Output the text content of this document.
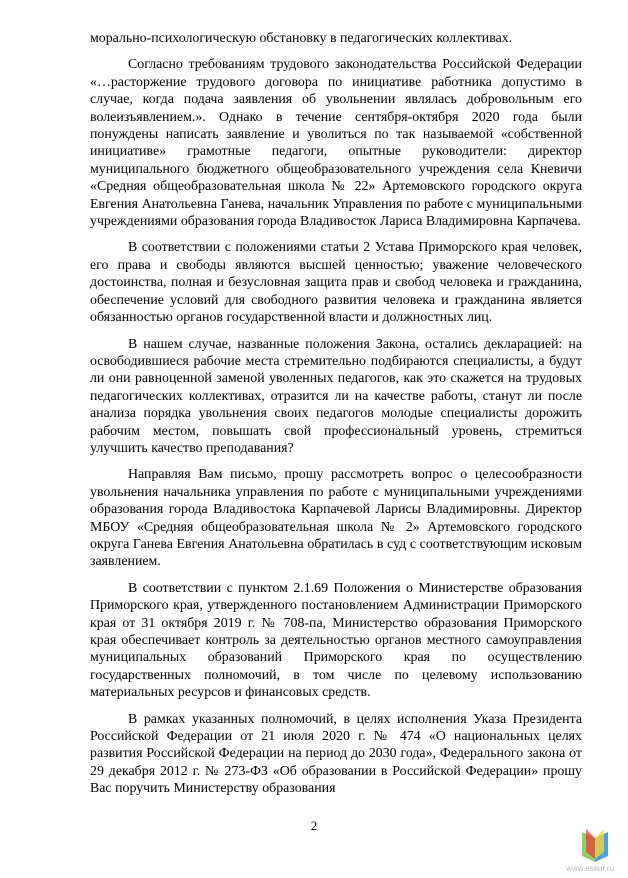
морально-психологическую обстановку в педагогических коллективах.

Согласно требованиям трудового законодательства Российской Федерации «…расторжение трудового договора по инициативе работника допустимо в случае, когда подача заявления об увольнении являлась добровольным его волеизъявлением.». Однако в течение сентября-октября 2020 года были понуждены написать заявление и уволиться по так называемой «собственной инициативе» грамотные педагоги, опытные руководители: директор муниципального бюджетного общеобразовательного учреждения села Кневичи «Средняя общеобразовательная школа № 22» Артемовского городского округа Евгения Анатольевна Ганева, начальник Управления по работе с муниципальными учреждениями образования города Владивосток Лариса Владимировна Карпачева.

В соответствии с положениями статьи 2 Устава Приморского края человек, его права и свободы являются высшей ценностью; уважение человеческого достоинства, полная и безусловная защита прав и свобод человека и гражданина, обеспечение условий для свободного развития человека и гражданина является обязанностью органов государственной власти и должностных лиц.

В нашем случае, названные положения Закона, остались декларацией: на освободившиеся рабочие места стремительно подбираются специалисты, а будут ли они равноценной заменой уволенных педагогов, как это скажется на трудовых педагогических коллективах, отразится ли на качестве работы, станут ли после анализа порядка увольнения своих педагогов молодые специалисты дорожить рабочим местом, повышать свой профессиональный уровень, стремиться улучшить качество преподавания?

Направляя Вам письмо, прошу рассмотреть вопрос о целесообразности увольнения начальника управления по работе с муниципальными учреждениями образования города Владивостока Карпачевой Ларисы Владимировны. Директор МБОУ «Средняя общеобразовательная школа № 2» Артемовского городского округа Ганева Евгения Анатольевна обратилась в суд с соответствующим исковым заявлением.

В соответствии с пунктом 2.1.69 Положения о Министерстве образования Приморского края, утвержденного постановлением Администрации Приморского края от 31 октября 2019 г. № 708-па, Министерство образования Приморского края обеспечивает контроль за деятельностью органов местного самоуправления муниципальных образований Приморского края по осуществлению государственных полномочий, в том числе по целевому использованию материальных ресурсов и финансовых средств.

В рамках указанных полномочий, в целях исполнения Указа Президента Российской Федерации от 21 июля 2020 г. № 474 «О национальных целях развития Российской Федерации на период до 2030 года», Федерального закона от 29 декабря 2012 г. № 273-ФЗ «Об образовании в Российской Федерации» прошу Вас поручить Министерству образования

2
www.eseur.ru
